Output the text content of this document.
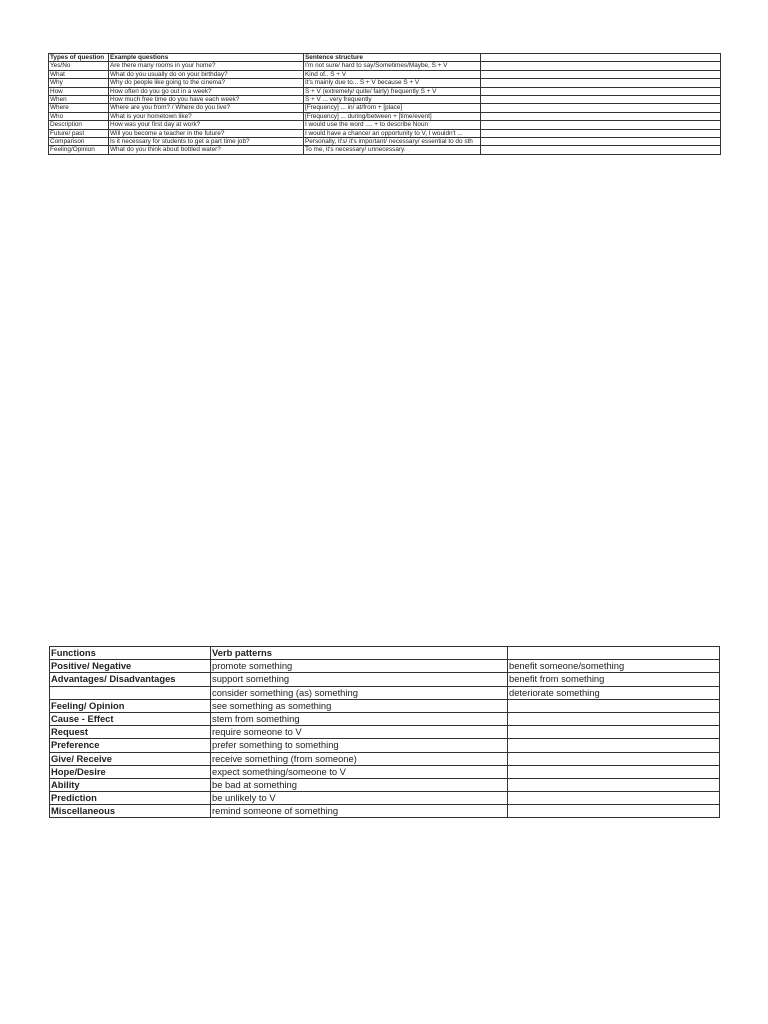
Types of question	Example questions	Sentence structure	
Yes/No	Are there many rooms in your home?	I'm not sure/ hard to say/Sometimes/Maybe, S + V	
What	What do you usually do on your birthday?	Kind of.. S + V	
Why	Why do people like going to the cinema?	It's mainly due to... S + V because S + V	
How	How often do you go out in a week?	S + V (extremely/ quite/ fairly) frequently S + V	
When	How much free time do you have each week?	S + V ... very frequently	
Where	Where are you from? / Where do you live?	[Frequency] ... in/ at/from + [place]	
Who	What is your hometown like?	[Frequency] ... during/between + [time/event]	
Description	How was your first day at work?	I would use the word .... + to describe Noun	
Future/ past	Will you become a teacher in the future?	I would have a chance/ an opportunity to V, I wouldn't ...	
Comparison	Is it necessary for students to get a part time job?	Personally, it's/ it's important/ necessary/ essential to do sth	
Feeling/Opinion	What do you think about bottled water?	To me, it's necessary/ unnecessary.	
Functions	Verb patterns	
Positive/ Negative	promote something	benefit someone/something
Advantages/ Disadvantages	support something	benefit from something
	consider something (as) something	deteriorate something
Feeling/ Opinion	see something as something	
Cause - Effect	stem from something	
Request	require someone to V	
Preference	prefer something to something	
Give/ Receive	receive something (from someone)	
Hope/Desire	expect something/someone to V	
Ability	be bad at something	
Prediction	be unlikely to V	
Miscellaneous	remind someone of something	
